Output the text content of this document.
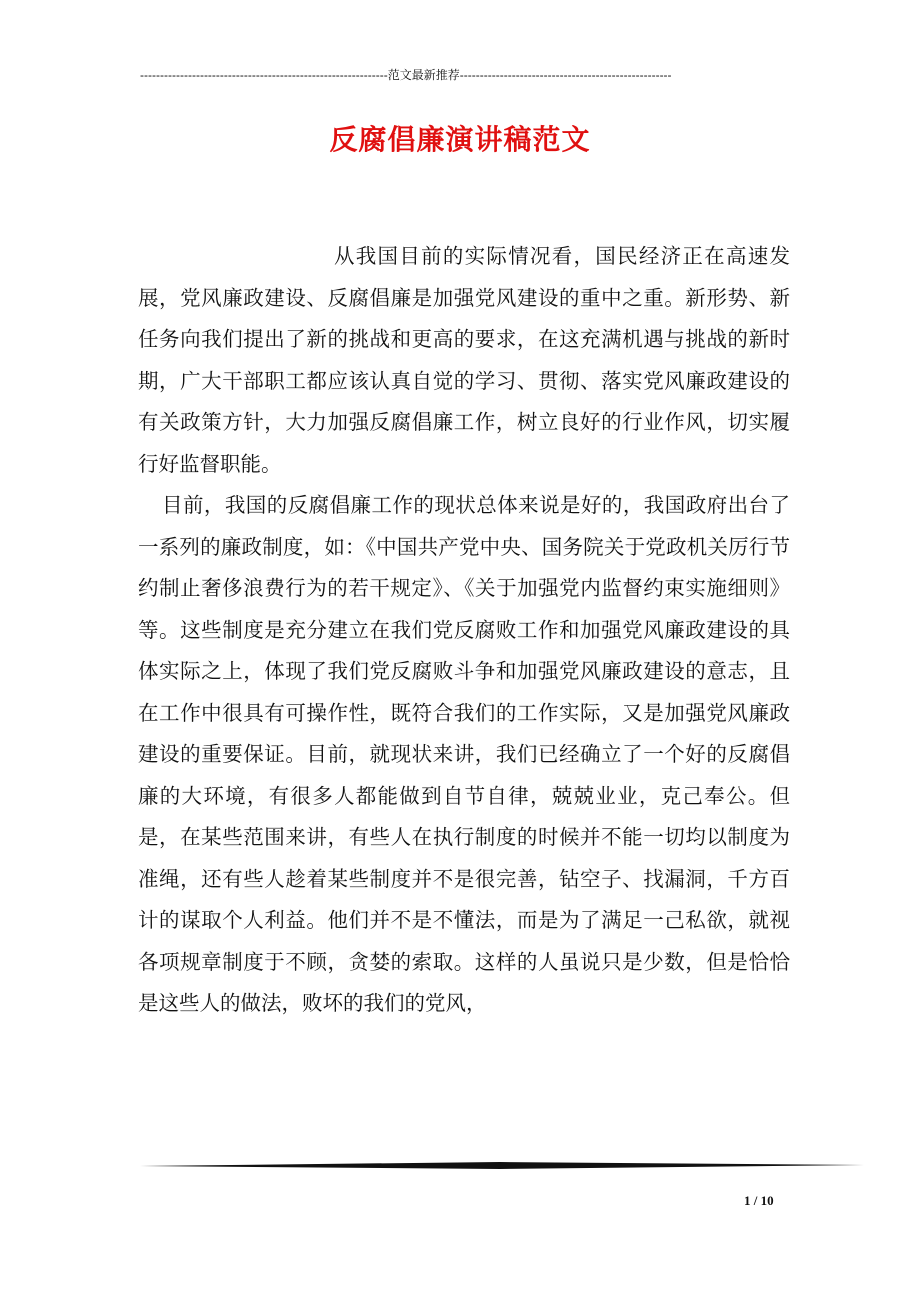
--------------------------------------------------------------范文最新推荐-----------------------------------------------------
反腐倡廉演讲稿范文

从我国目前的实际情况看，国民经济正在高速发展，党风廉政建设、反腐倡廉是加强党风建设的重中之重。新形势、新任务向我们提出了新的挑战和更高的要求，在这充满机遇与挑战的新时期，广大干部职工都应该认真自觉的学习、贯彻、落实党风廉政建设的有关政策方针，大力加强反腐倡廉工作，树立良好的行业作风，切实履行好监督职能。

目前，我国的反腐倡廉工作的现状总体来说是好的，我国政府出台了一系列的廉政制度，如：《中国共产党中央、国务院关于党政机关厉行节约制止奢侈浪费行为的若干规定》、《关于加强党内监督约束实施细则》等。这些制度是充分建立在我们党反腐败工作和加强党风廉政建设的具体实际之上，体现了我们党反腐败斗争和加强党风廉政建设的意志，且在工作中很具有可操作性，既符合我们的工作实际，又是加强党风廉政建设的重要保证。目前，就现状来讲，我们已经确立了一个好的反腐倡廉的大环境，有很多人都能做到自节自律，兢兢业业，克己奉公。但是，在某些范围来讲，有些人在执行制度的时候并不能一切均以制度为准绳，还有些人趁着某些制度并不是很完善，钻空子、找漏洞，千方百计的谋取个人利益。他们并不是不懂法，而是为了满足一己私欲，就视各项规章制度于不顾，贪婪的索取。这样的人虽说只是少数，但是恰恰是这些人的做法，败坏的我们的党风，

1 / 10
